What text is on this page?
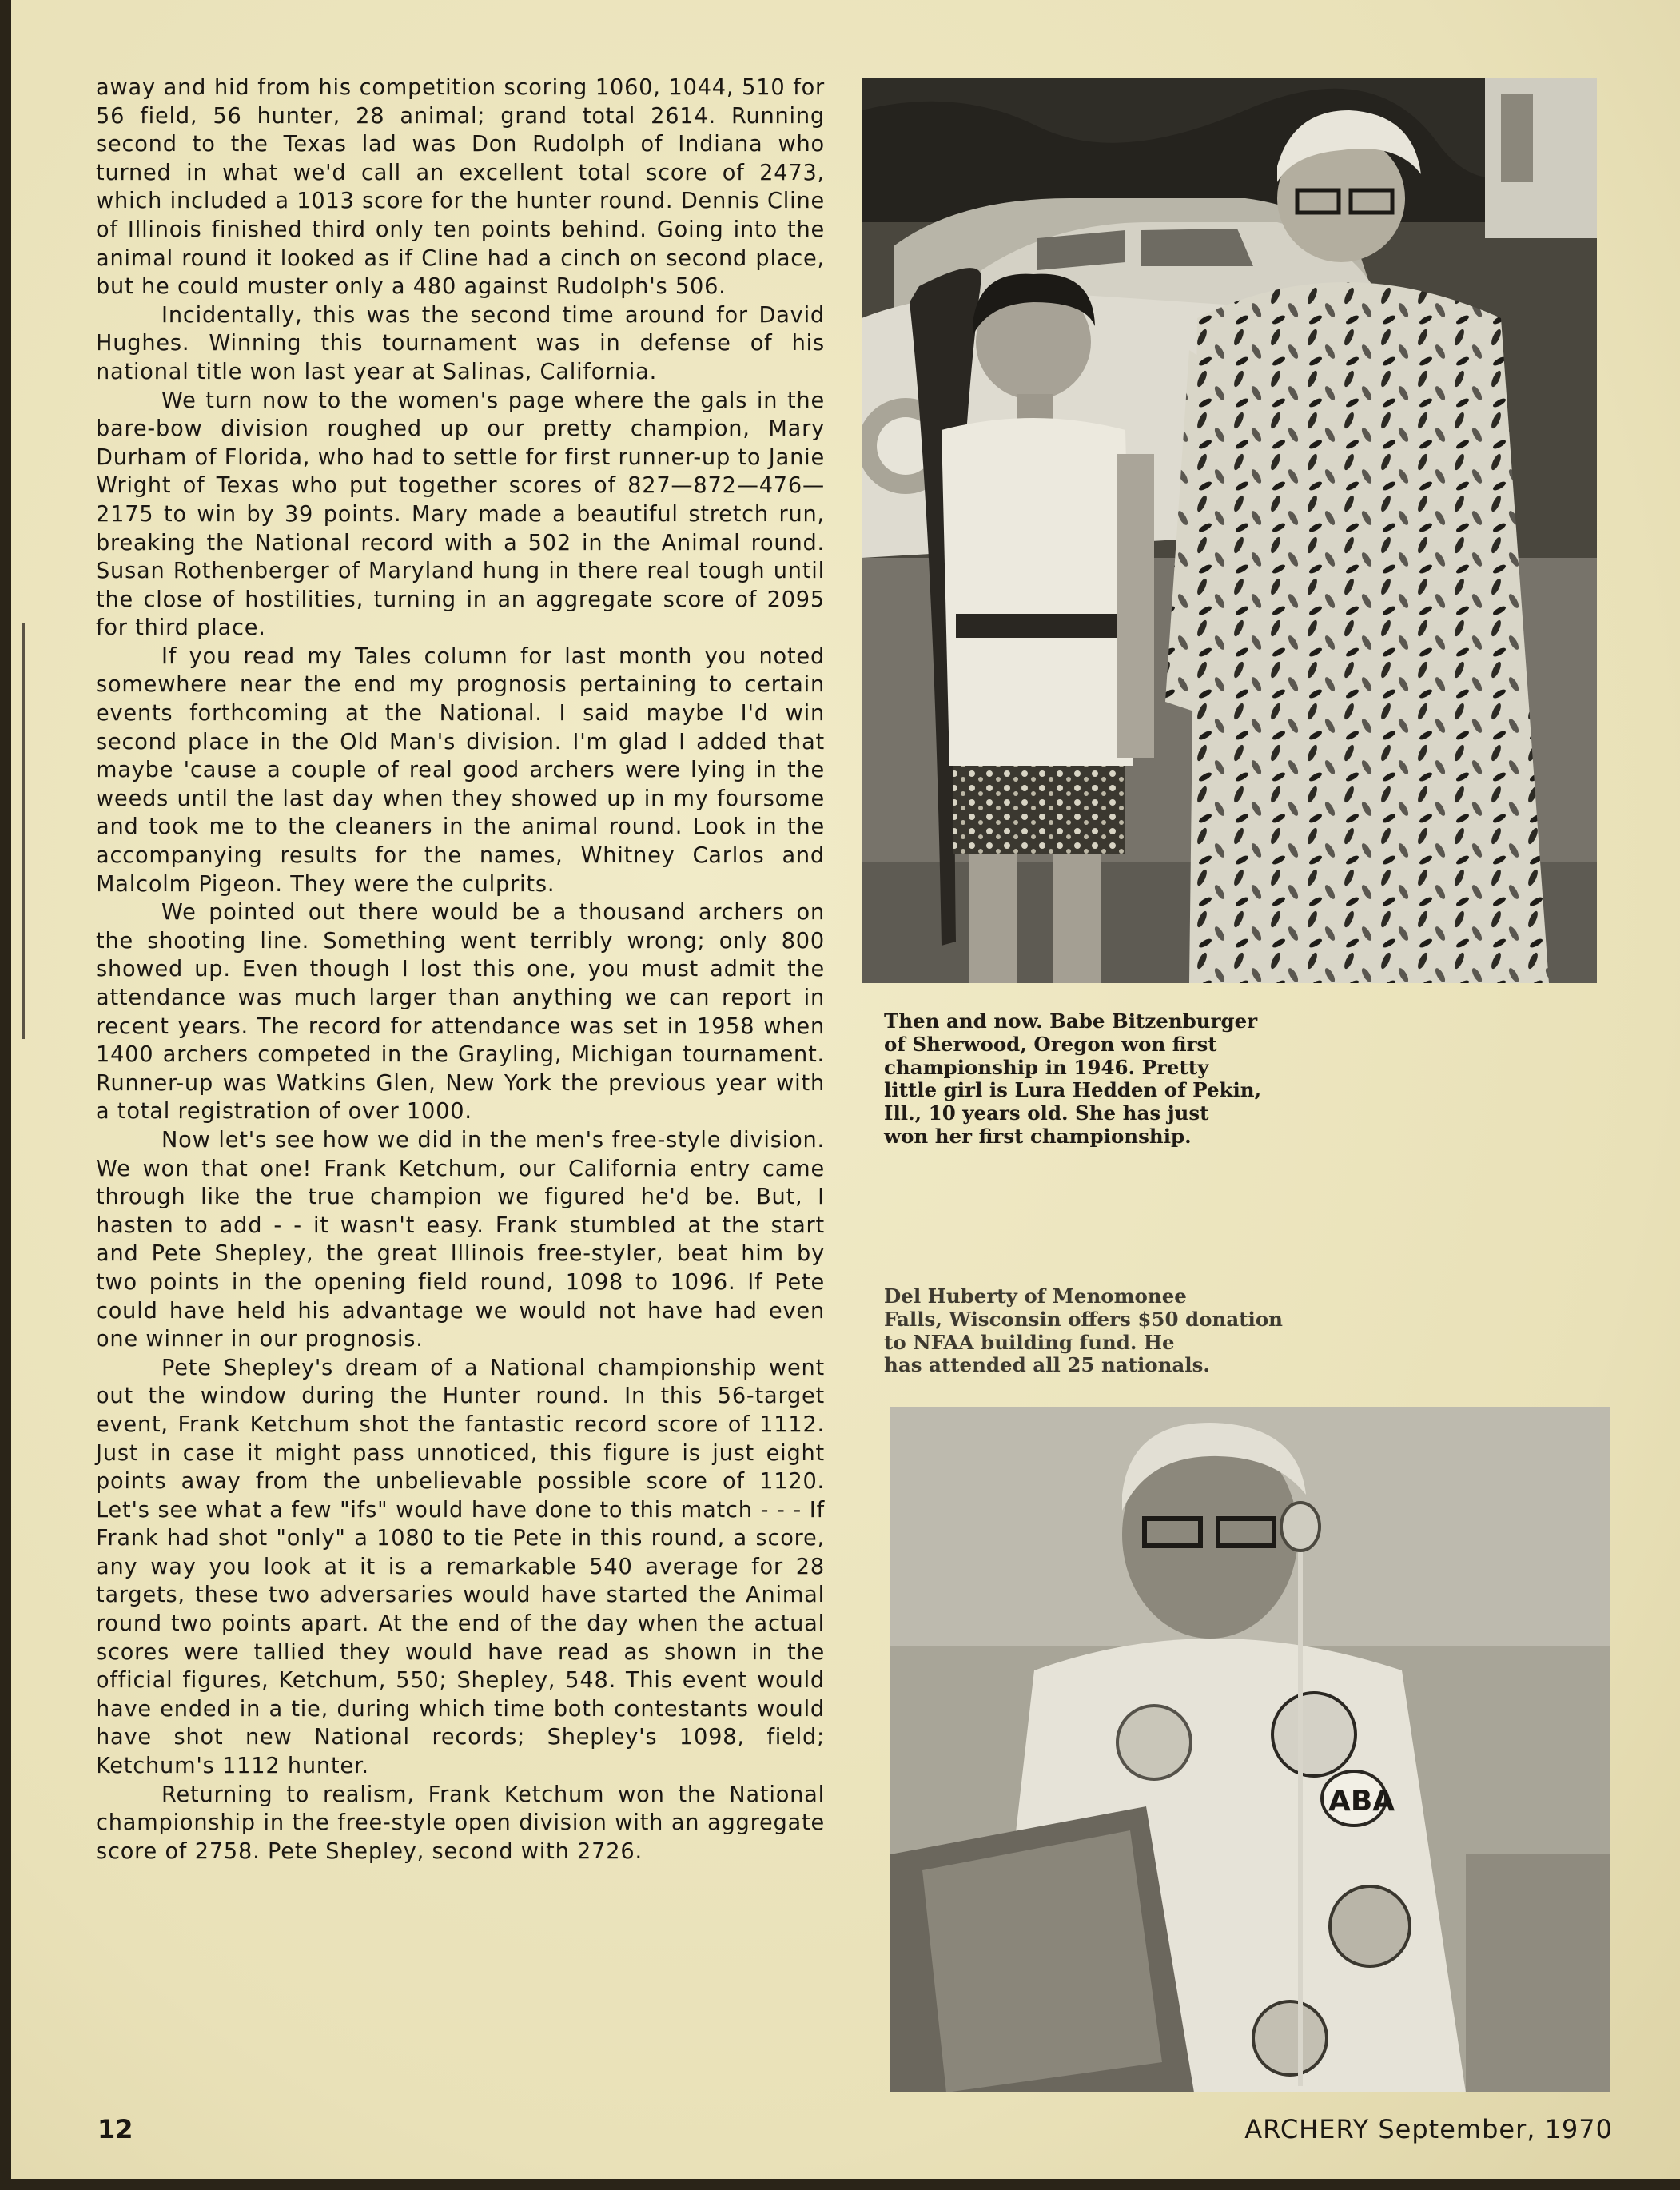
away and hid from his competition scoring 1060, 1044, 510 for 56 field, 56 hunter, 28 animal; grand total 2614. Running second to the Texas lad was Don Rudolph of Indiana who turned in what we'd call an excellent total score of 2473, which included a 1013 score for the hunter round. Dennis Cline of Illinois finished third only ten points behind. Going into the animal round it looked as if Cline had a cinch on second place, but he could muster only a 480 against Rudolph's 506.

Incidentally, this was the second time around for David Hughes. Winning this tournament was in defense of his national title won last year at Salinas, California.

We turn now to the women's page where the gals in the bare-bow division roughed up our pretty champion, Mary Durham of Florida, who had to settle for first runner-up to Janie Wright of Texas who put together scores of 827—872—476—2175 to win by 39 points. Mary made a beautiful stretch run, breaking the National record with a 502 in the Animal round. Susan Rothenberger of Maryland hung in there real tough until the close of hostilities, turning in an aggregate score of 2095 for third place.

If you read my Tales column for last month you noted somewhere near the end my prognosis pertaining to certain events forthcoming at the National. I said maybe I'd win second place in the Old Man's division. I'm glad I added that maybe 'cause a couple of real good archers were lying in the weeds until the last day when they showed up in my foursome and took me to the cleaners in the animal round. Look in the accompanying results for the names, Whitney Carlos and Malcolm Pigeon. They were the culprits.

We pointed out there would be a thousand archers on the shooting line. Something went terribly wrong; only 800 showed up. Even though I lost this one, you must admit the attendance was much larger than anything we can report in recent years. The record for attendance was set in 1958 when 1400 archers competed in the Grayling, Michigan tournament. Runner-up was Watkins Glen, New York the previous year with a total registration of over 1000.

Now let's see how we did in the men's free-style division. We won that one! Frank Ketchum, our California entry came through like the true champion we figured he'd be. But, I hasten to add - - it wasn't easy. Frank stumbled at the start and Pete Shepley, the great Illinois free-styler, beat him by two points in the opening field round, 1098 to 1096. If Pete could have held his advantage we would not have had even one winner in our prognosis.

Pete Shepley's dream of a National championship went out the window during the Hunter round. In this 56-target event, Frank Ketchum shot the fantastic record score of 1112. Just in case it might pass unnoticed, this figure is just eight points away from the unbelievable possible score of 1120. Let's see what a few "ifs" would have done to this match - - - If Frank had shot "only" a 1080 to tie Pete in this round, a score, any way you look at it is a remarkable 540 average for 28 targets, these two adversaries would have started the Animal round two points apart. At the end of the day when the actual scores were tallied they would have read as shown in the official figures, Ketchum, 550; Shepley, 548. This event would have ended in a tie, during which time both contestants would have shot new National records; Shepley's 1098, field; Ketchum's 1112 hunter.

Returning to realism, Frank Ketchum won the National championship in the free-style open division with an aggregate score of 2758. Pete Shepley, second with 2726.

Then and now. Babe Bitzenburger
of Sherwood, Oregon won first
championship in 1946. Pretty
little girl is Lura Hedden of Pekin,
Ill., 10 years old. She has just
won her first championship.
Del Huberty of Menomonee
Falls, Wisconsin offers $50 donation
to NFAA building fund. He
has attended all 25 nationals.
ABA
12	ARCHERY September, 1970
